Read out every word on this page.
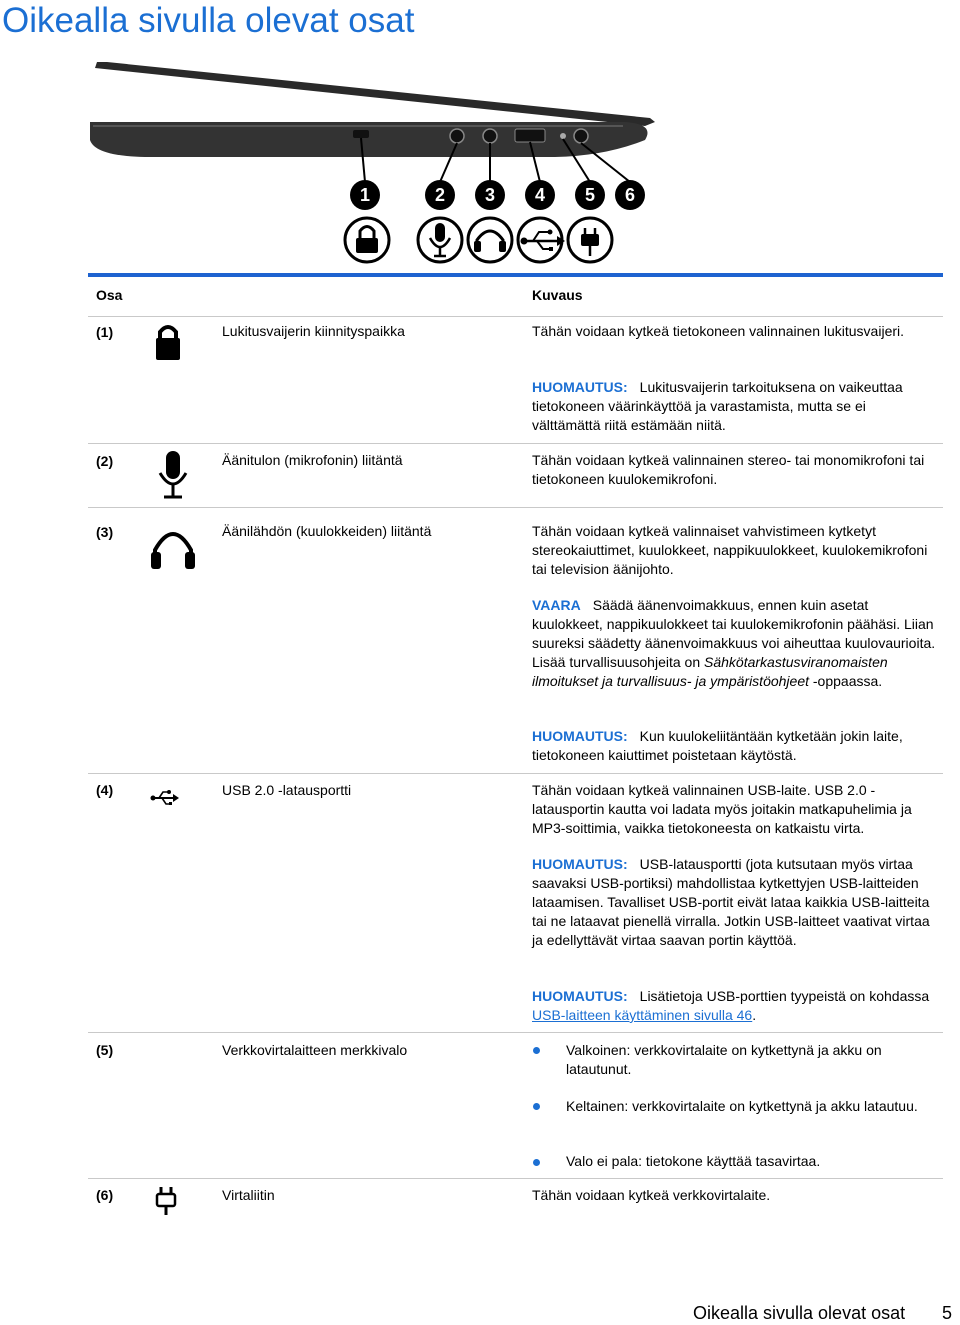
Oikealla sivulla olevat osat
1	2 3 4 5 6
Osa	Kuvaus
(1)	Lukitusvaijerin kiinnityspaikka	Tähän voidaan kytkeä tietokoneen valinnainen lukitusvaijeri.
HUOMAUTUS: Lukitusvaijerin tarkoituksena on vaikeuttaa tietokoneen väärinkäyttöä ja varastamista, mutta se ei välttämättä riitä estämään niitä.
(2)	Äänitulon (mikrofonin) liitäntä	Tähän voidaan kytkeä valinnainen stereo- tai monomikrofoni tai tietokoneen kuulokemikrofoni.
(3)	Äänilähdön (kuulokkeiden) liitäntä	Tähän voidaan kytkeä valinnaiset vahvistimeen kytketyt stereokaiuttimet, kuulokkeet, nappikuulokkeet, kuulokemikrofoni tai television äänijohto.
VAARA Säädä äänenvoimakkuus, ennen kuin asetat kuulokkeet, nappikuulokkeet tai kuulokemikrofonin päähäsi. Liian suureksi säädetty äänenvoimakkuus voi aiheuttaa kuulovaurioita. Lisää turvallisuusohjeita on Sähkötarkastusviranomaisten ilmoitukset ja turvallisuus- ja ympäristöohjeet -oppaassa.
HUOMAUTUS: Kun kuulokeliitäntään kytketään jokin laite, tietokoneen kaiuttimet poistetaan käytöstä.
(4)	USB 2.0 -latausportti	Tähän voidaan kytkeä valinnainen USB-laite. USB 2.0 -latausportin kautta voi ladata myös joitakin matkapuhelimia ja MP3-soittimia, vaikka tietokoneesta on katkaistu virta.
HUOMAUTUS: USB-latausportti (jota kutsutaan myös virtaa saavaksi USB-portiksi) mahdollistaa kytkettyjen USB-laitteiden lataamisen. Tavalliset USB-portit eivät lataa kaikkia USB-laitteita tai ne lataavat pienellä virralla. Jotkin USB-laitteet vaativat virtaa ja edellyttävät virtaa saavan portin käyttöä.
HUOMAUTUS: Lisätietoja USB-porttien tyypeistä on kohdassa USB-laitteen käyttäminen sivulla 46.
(5)	Verkkovirtalaitteen merkkivalo	Valkoinen: verkkovirtalaite on kytkettynä ja akku on latautunut.
Keltainen: verkkovirtalaite on kytkettynä ja akku latautuu.
Valo ei pala: tietokone käyttää tasavirtaa.
(6)	Virtaliitin	Tähän voidaan kytkeä verkkovirtalaite.
Oikealla sivulla olevat osat 5
